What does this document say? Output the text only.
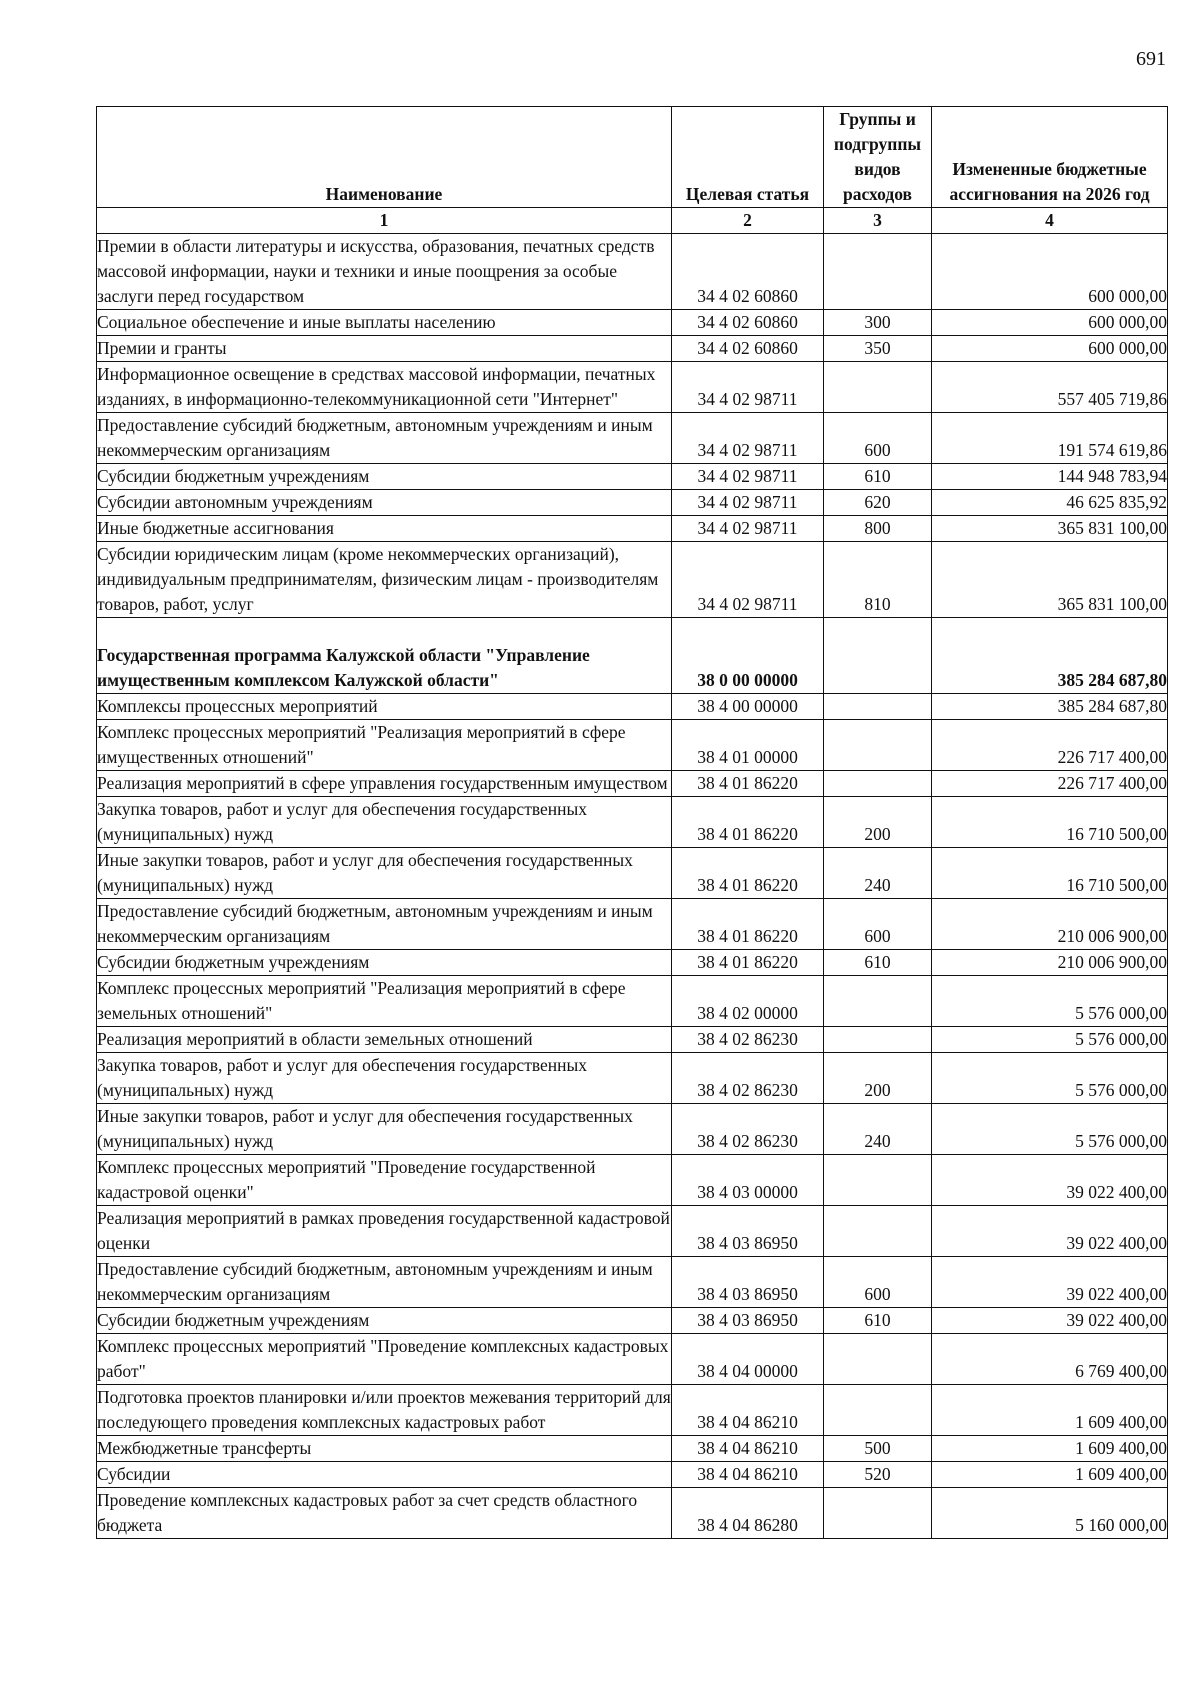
691
Наименование	Целевая статья	Группы и подгруппы видов расходов	Измененные бюджетные ассигнования на 2026 год
1	2	3	4
Премии в области литературы и искусства, образования, печатных средств массовой информации, науки и техники и иные поощрения за особые заслуги перед государством	34 4 02 60860		600 000,00
Социальное обеспечение и иные выплаты населению	34 4 02 60860	300	600 000,00
Премии и гранты	34 4 02 60860	350	600 000,00
Информационное освещение в средствах массовой информации, печатных изданиях, в информационно-телекоммуникационной сети "Интернет"	34 4 02 98711		557 405 719,86
Предоставление субсидий бюджетным, автономным учреждениям и иным некоммерческим организациям	34 4 02 98711	600	191 574 619,86
Субсидии бюджетным учреждениям	34 4 02 98711	610	144 948 783,94
Субсидии автономным учреждениям	34 4 02 98711	620	46 625 835,92
Иные бюджетные ассигнования	34 4 02 98711	800	365 831 100,00
Субсидии юридическим лицам (кроме некоммерческих организаций), индивидуальным предпринимателям, физическим лицам - производителям товаров, работ, услуг	34 4 02 98711	810	365 831 100,00
Государственная программа Калужской области "Управление имущественным комплексом Калужской области"	38 0 00 00000		385 284 687,80
Комплексы процессных мероприятий	38 4 00 00000		385 284 687,80
Комплекс процессных мероприятий "Реализация мероприятий в сфере имущественных отношений"	38 4 01 00000		226 717 400,00
Реализация мероприятий в сфере управления государственным имуществом	38 4 01 86220		226 717 400,00
Закупка товаров, работ и услуг для обеспечения государственных (муниципальных) нужд	38 4 01 86220	200	16 710 500,00
Иные закупки товаров, работ и услуг для обеспечения государственных (муниципальных) нужд	38 4 01 86220	240	16 710 500,00
Предоставление субсидий бюджетным, автономным учреждениям и иным некоммерческим организациям	38 4 01 86220	600	210 006 900,00
Субсидии бюджетным учреждениям	38 4 01 86220	610	210 006 900,00
Комплекс процессных мероприятий "Реализация мероприятий в сфере земельных отношений"	38 4 02 00000		5 576 000,00
Реализация мероприятий в области земельных отношений	38 4 02 86230		5 576 000,00
Закупка товаров, работ и услуг для обеспечения государственных (муниципальных) нужд	38 4 02 86230	200	5 576 000,00
Иные закупки товаров, работ и услуг для обеспечения государственных (муниципальных) нужд	38 4 02 86230	240	5 576 000,00
Комплекс процессных мероприятий "Проведение государственной кадастровой оценки"	38 4 03 00000		39 022 400,00
Реализация мероприятий в рамках проведения государственной кадастровой оценки	38 4 03 86950		39 022 400,00
Предоставление субсидий бюджетным, автономным учреждениям и иным некоммерческим организациям	38 4 03 86950	600	39 022 400,00
Субсидии бюджетным учреждениям	38 4 03 86950	610	39 022 400,00
Комплекс процессных мероприятий "Проведение комплексных кадастровых работ"	38 4 04 00000		6 769 400,00
Подготовка проектов планировки и/или проектов межевания территорий для последующего проведения комплексных кадастровых работ	38 4 04 86210		1 609 400,00
Межбюджетные трансферты	38 4 04 86210	500	1 609 400,00
Субсидии	38 4 04 86210	520	1 609 400,00
Проведение комплексных кадастровых работ за счет средств областного бюджета	38 4 04 86280		5 160 000,00
